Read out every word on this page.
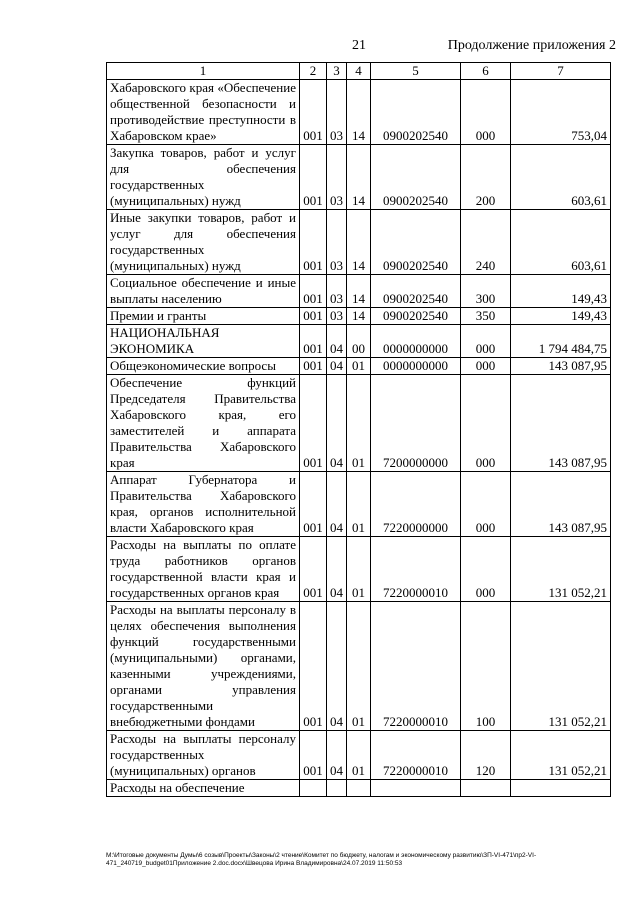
21	Продолжение приложения 2
1	2	3	4	5	6	7
Хабаровского края «Обеспечение общественной безопасности и противодействие преступности в Хабаровском крае»	001	03	14	0900202540	000	753,04
Закупка товаров, работ и услуг для обеспечения государственных (муниципальных) нужд	001	03	14	0900202540	200	603,61
Иные закупки товаров, работ и услуг для обеспечения государственных (муниципальных) нужд	001	03	14	0900202540	240	603,61
Социальное обеспечение и иные выплаты населению	001	03	14	0900202540	300	149,43
Премии и гранты	001	03	14	0900202540	350	149,43
НАЦИОНАЛЬНАЯ ЭКОНОМИКА	001	04	00	0000000000	000	1 794 484,75
Общеэкономические вопросы	001	04	01	0000000000	000	143 087,95
Обеспечение функций Председателя Правительства Хабаровского края, его заместителей и аппарата Правительства Хабаровского края	001	04	01	7200000000	000	143 087,95
Аппарат Губернатора и Правительства Хабаровского края, органов исполнительной власти Хабаровского края	001	04	01	7220000000	000	143 087,95
Расходы на выплаты по оплате труда работников органов государственной власти края и государственных органов края	001	04	01	7220000010	000	131 052,21
Расходы на выплаты персоналу в целях обеспечения выполнения функций государственными (муниципальными) органами, казенными учреждениями, органами управления государственными внебюджетными фондами	001	04	01	7220000010	100	131 052,21
Расходы на выплаты персоналу государственных (муниципальных) органов	001	04	01	7220000010	120	131 052,21
Расходы на обеспечение						
M:\Итоговые документы Думы\6 созыв\Проекты\Законы\2 чтение\Комитет по бюджету, налогам и экономическому развитию\ЗП-VI-471\пр2-VI-471_240719_budget01Приложение 2.doc.docx\Швецова Ирина Владимировна\24.07.2019 11:50:53
